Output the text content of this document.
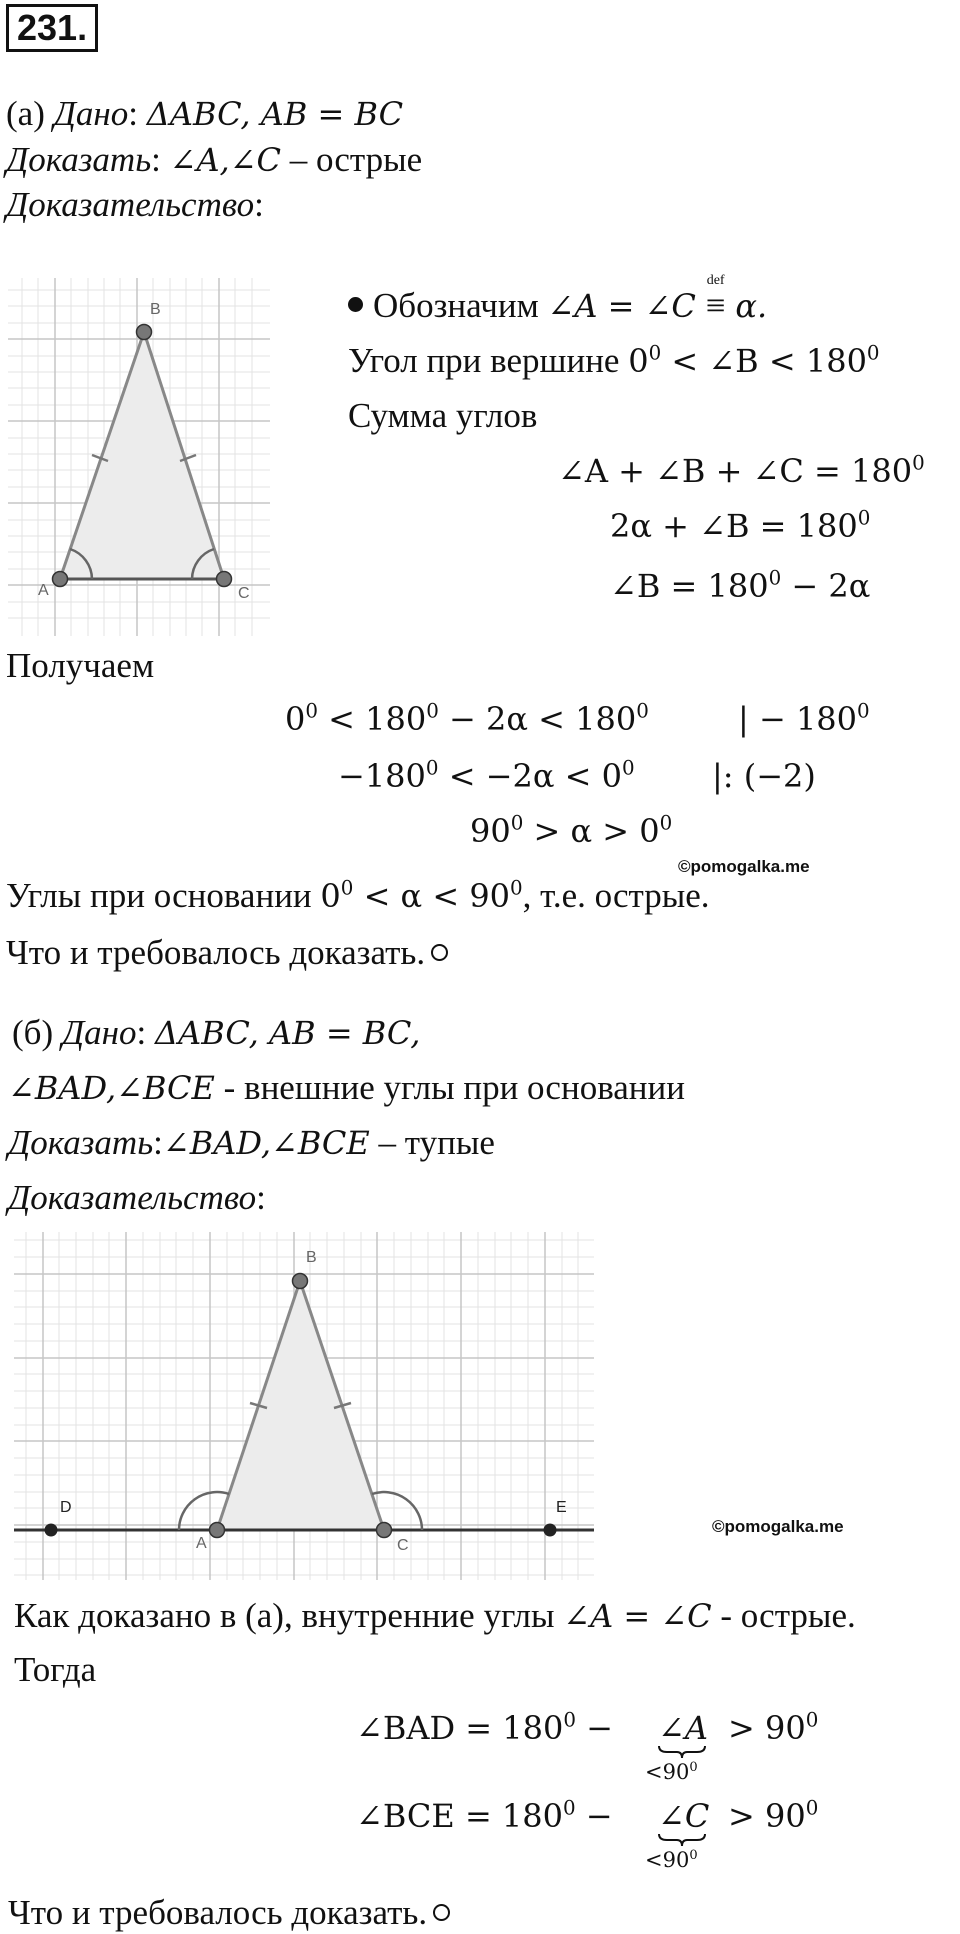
231.
(а) Дано: ΔABC, AB = BC
Доказать: ∠A,∠C – острые
Доказательство:
A
B
C
Обозначим ∠A = ∠C
def
≡ α.
Угол при вершине $0^0$ < ∠B < $180^0$
Сумма углов
∠A + ∠B + ∠C = $180^0$
2α + ∠B = $180^0$
∠B = $180^0 - 2\alpha$
Получаем
$0^0 < 180^0 - 2\alpha < 180^0$	| − $180^0$
$-180^0 < -2\alpha < 0^0$ |: (−2)
$90^0 > \alpha > 0^0$
©pomogalka.me
Углы при основании $0^0 < \alpha < 90^0$, т.е. острые.
Что и требовалось доказать.
(б) Дано: ΔABC, AB = BC,
∠BAD,∠BCE - внешние углы при основании
Доказать:∠BAD,∠BCE – тупые
Доказательство:
D	E
A
B
C
©pomogalka.me
Как доказано в (а), внутренние углы ∠A = ∠C - острые.
Тогда
∠BAD = $180^0$ − ∠A > $90^0$
$<90^0$
∠BCE = $180^0$ − ∠C > $90^0$
$<90^0$
Что и требовалось доказать.
